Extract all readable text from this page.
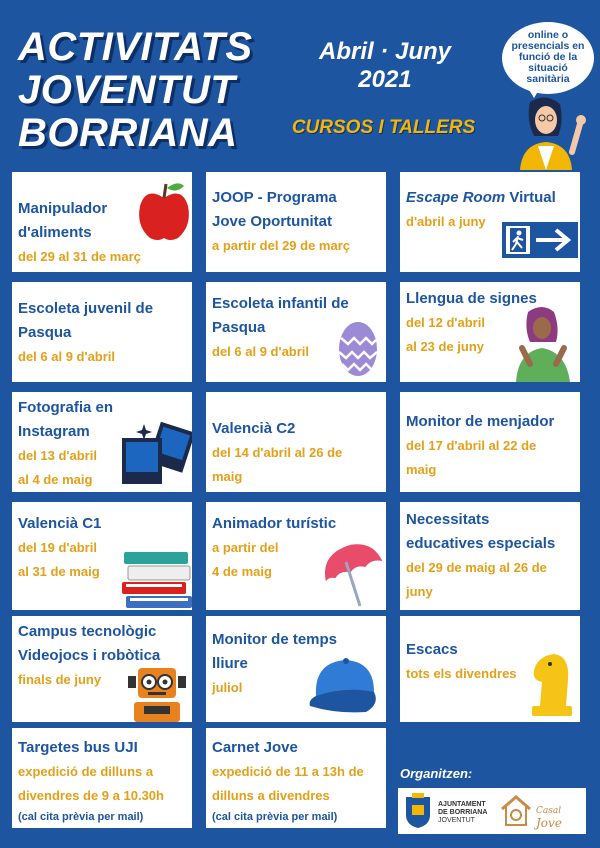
ACTIVITATS
JOVENTUT
BORRIANA
Abril · Juny
2021
CURSOS I TALLERS
online o
presencials en
funció de la
situació
sanitària
Manipulador
d'aliments
del 29 al 31 de març
JOOP - Programa
Jove Oportunitat
a partir del 29 de març
Escape Room Virtual
d'abril a juny
Escoleta juvenil de
Pasqua
del 6 al 9 d'abril
Escoleta infantil de
Pasqua
del 6 al 9 d'abril
Llengua de signes
del 12 d'abril
al 23 de juny
Fotografia en
Instagram
del 13 d'abril
al 4 de maig
Valencià C2
del 14 d'abril al 26 de
maig
Monitor de menjador
del 17 d'abril al 22 de
maig
Valencià C1
del 19 d'abril
al 31 de maig
Animador turístic
a partir del
4 de maig
Necessitats
educatives especials
del 29 de maig al 26 de
juny
Campus tecnològic
Videojocs i robòtica
finals de juny
Monitor de temps
lliure
juliol
Escacs
tots els divendres
Targetes bus UJI
expedició de dilluns a
divendres de 9 a 10.30h
(cal cita prèvia per mail)
Carnet Jove
expedició de 11 a 13h de
dilluns a divendres
(cal cita prèvia per mail)
Organitzen:
AJUNTAMENT
DE BORRIANA
JOVENTUT
Casal Jove
